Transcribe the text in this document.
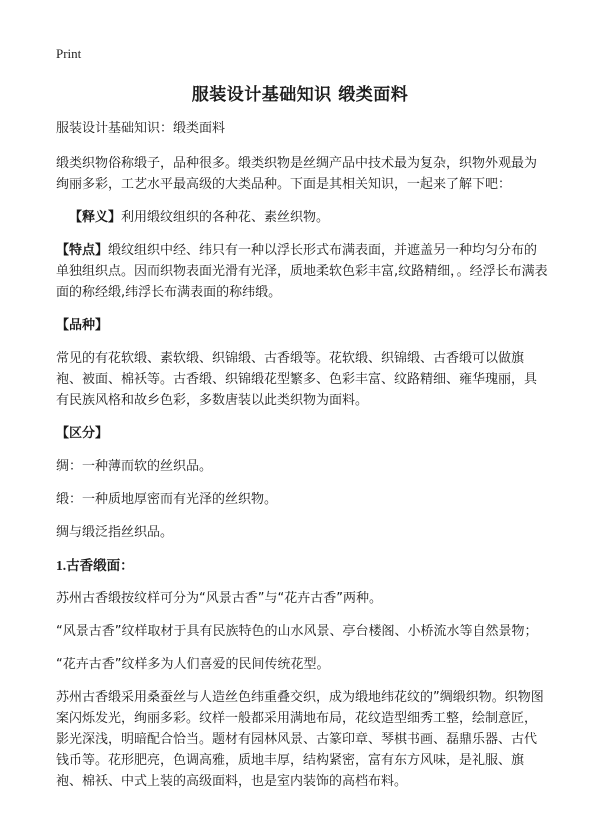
Print
服装设计基础知识 缎类面料

服装设计基础知识：缎类面料

缎类织物俗称缎子，品种很多。缎类织物是丝绸产品中技术最为复杂，织物外观最为绚丽多彩，工艺水平最高级的大类品种。下面是其相关知识，一起来了解下吧：

【释义】利用缎纹组织的各种花、素丝织物。

【特点】缎纹组织中经、纬只有一种以浮长形式布满表面，并遮盖另一种均匀分布的单独组织点。因而织物表面光滑有光泽，质地柔软色彩丰富,纹路精细，。经浮长布满表面的称经缎,纬浮长布满表面的称纬缎。

【品种】

常见的有花软缎、素软缎、织锦缎、古香缎等。花软缎、织锦缎、古香缎可以做旗袍、被面、棉袄等。古香缎、织锦缎花型繁多、色彩丰富、纹路精细、雍华瑰丽，具有民族风格和故乡色彩，多数唐装以此类织物为面料。

【区分】

绸：一种薄而软的丝织品。

缎：一种质地厚密而有光泽的丝织物。

绸与缎泛指丝织品。

1.古香缎面：

苏州古香缎按纹样可分为“风景古香”与“花卉古香”两种。

“风景古香”纹样取材于具有民族特色的山水风景、亭台楼阁、小桥流水等自然景物；

“花卉古香”纹样多为人们喜爱的民间传统花型。

苏州古香缎采用桑蚕丝与人造丝色纬重叠交织，成为缎地纬花纹的”绸缎织物。织物图案闪烁发光，绚丽多彩。纹样一般都采用满地布局，花纹造型细秀工整，绘制意匠，影光深浅，明暗配合恰当。题材有园林风景、古篆印章、琴棋书画、磊鼎乐器、古代钱币等。花形肥亮，色调高雅，质地丰厚，结构紧密，富有东方风味，是礼服、旗袍、棉袄、中式上装的高级面料，也是室内装饰的高档布料。
